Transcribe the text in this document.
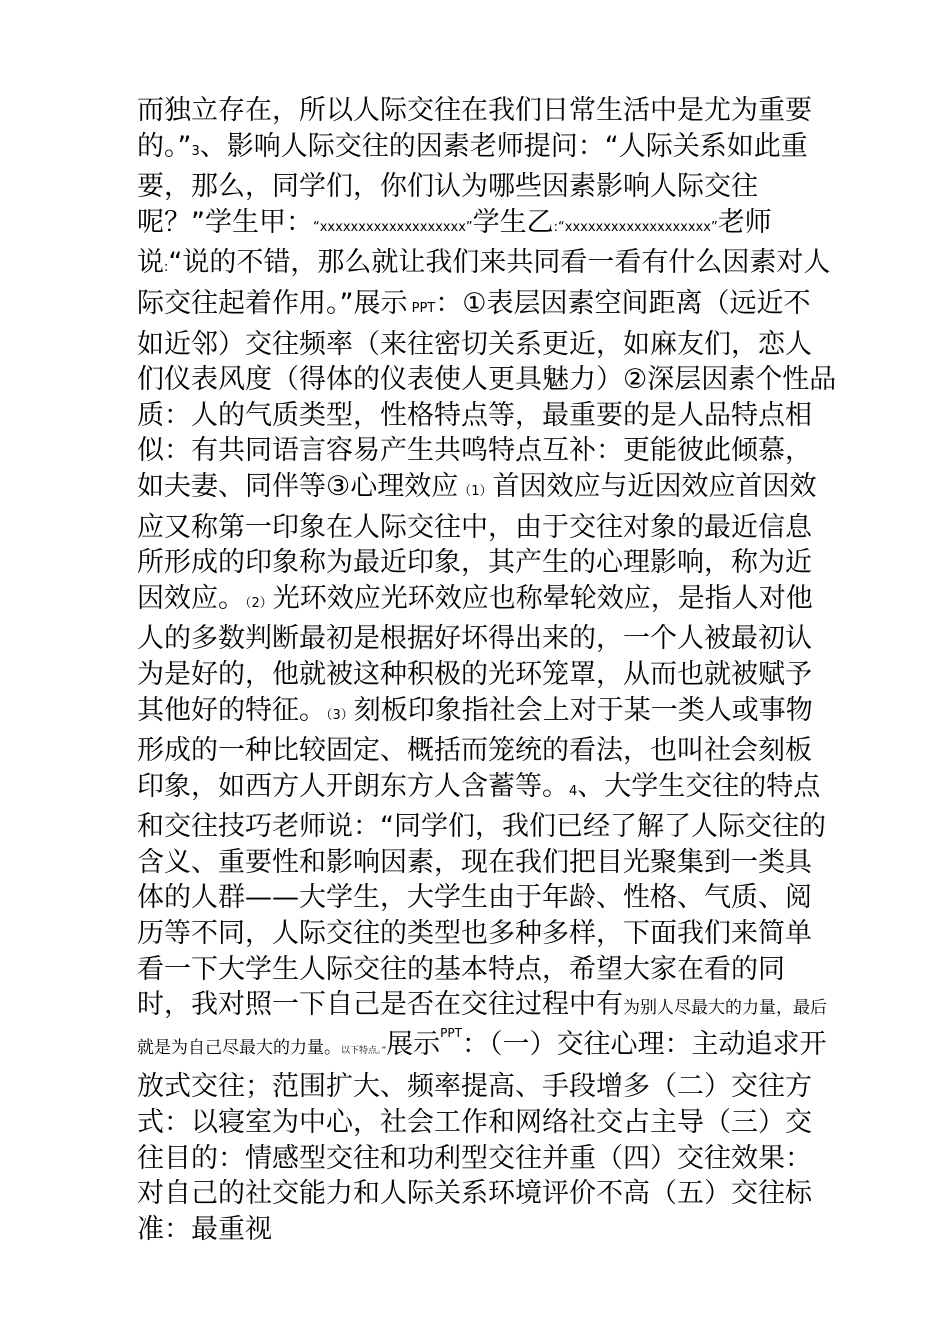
而独立存在，所以人际交往在我们日常生活中是尤为重要的。”3、影响人际交往的因素老师提问：“人际关系如此重要，那么，同学们，你们认为哪些因素影响人际交往呢？”学生甲：“xxxxxxxxxxxxxxxxxxx”学生乙:“xxxxxxxxxxxxxxxxxxx”老师说:“说的不错，那么就让我们来共同看一看有什么因素对人际交往起着作用。”展示 PPT：①表层因素空间距离（远近不如近邻）交往频率（来往密切关系更近，如麻友们，恋人们仪表风度（得体的仪表使人更具魅力）②深层因素个性品质：人的气质类型，性格特点等，最重要的是人品特点相似：有共同语言容易产生共鸣特点互补：更能彼此倾慕，如夫妻、同伴等③心理效应（1）首因效应与近因效应首因效应又称第一印象在人际交往中，由于交往对象的最近信息所形成的印象称为最近印象，其产生的心理影响，称为近因效应。（2）光环效应光环效应也称晕轮效应，是指人对他人的多数判断最初是根据好坏得出来的，一个人被最初认为是好的，他就被这种积极的光环笼罩，从而也就被赋予其他好的特征。（3）刻板印象指社会上对于某一类人或事物形成的一种比较固定、概括而笼统的看法，也叫社会刻板印象，如西方人开朗东方人含蓄等。4、大学生交往的特点和交往技巧老师说：“同学们，我们已经了解了人际交往的含义、重要性和影响因素，现在我们把目光聚集到一类具体的人群——大学生，大学生由于年龄、性格、气质、阅历等不同，人际交往的类型也多种多样，下面我们来简单看一下大学生人际交往的基本特点，希望大家在看的同时，我对照一下自己是否在交往过程中有为别人尽最大的力量，最后就是为自己尽最大的力量。以下特点。”展示$^{PPT}$：（一）交往心理：主动追求开放式交往；范围扩大、频率提高、手段增多（二）交往方式：以寝室为中心，社会工作和网络社交占主导（三）交往目的：情感型交往和功利型交往并重（四）交往效果：对自己的社交能力和人际关系环境评价不高（五）交往标准：最重视
